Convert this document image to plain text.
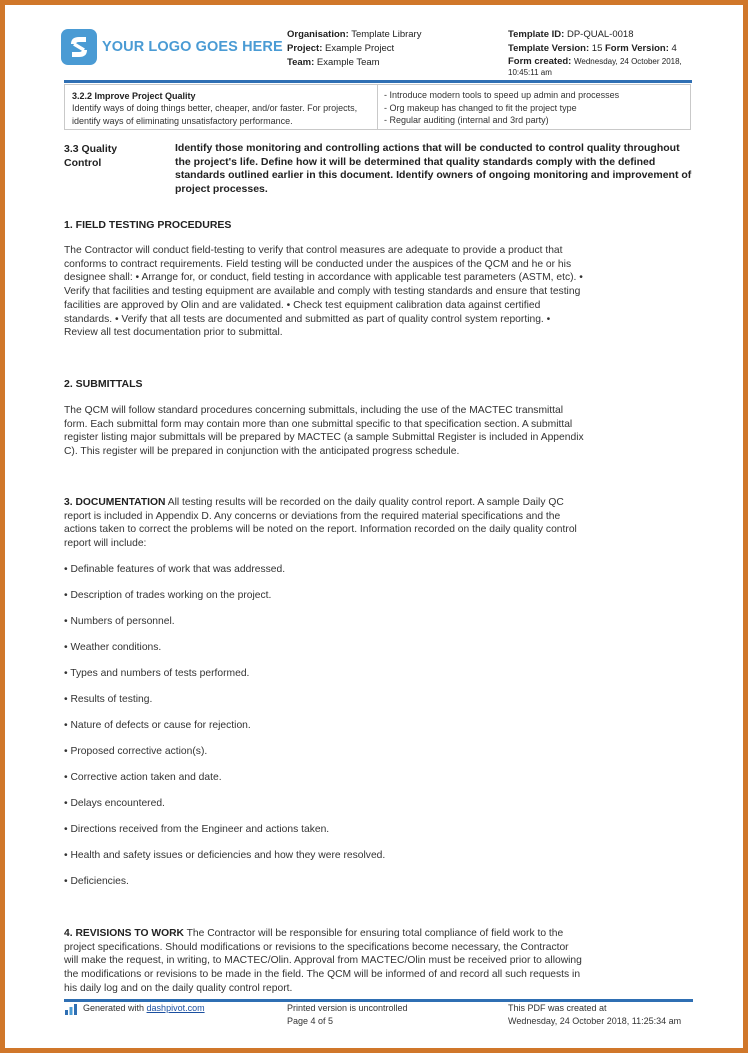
YOUR LOGO GOES HERE
Organisation: Template Library
Project: Example Project
Team: Example Team
Template ID: DP-QUAL-0018
Template Version: 15 Form Version: 4
Form created: Wednesday, 24 October 2018, 10:45:11 am
3.2.2 Improve Project Quality
Identify ways of doing things better, cheaper, and/or faster. For projects, identify ways of eliminating unsatisfactory performance.
- Introduce modern tools to speed up admin and processes
- Org makeup has changed to fit the project type
- Regular auditing (internal and 3rd party)
3.3 Quality
Control
Identify those monitoring and controlling actions that will be conducted to control quality throughout the project's life. Define how it will be determined that quality standards comply with the defined standards outlined earlier in this document. Identify owners of ongoing monitoring and improvement of project processes.
1. FIELD TESTING PROCEDURES
The Contractor will conduct field-testing to verify that control measures are adequate to provide a product that conforms to contract requirements. Field testing will be conducted under the auspices of the QCM and he or his designee shall: • Arrange for, or conduct, field testing in accordance with applicable test parameters (ASTM, etc). • Verify that facilities and testing equipment are available and comply with testing standards and ensure that testing facilities are approved by Olin and are validated. • Check test equipment calibration data against certified standards. • Verify that all tests are documented and submitted as part of quality control system reporting. • Review all test documentation prior to submittal.
2. SUBMITTALS
The QCM will follow standard procedures concerning submittals, including the use of the MACTEC transmittal form. Each submittal form may contain more than one submittal specific to that specification section. A submittal register listing major submittals will be prepared by MACTEC (a sample Submittal Register is included in Appendix C). This register will be prepared in conjunction with the anticipated progress schedule.
3. DOCUMENTATION All testing results will be recorded on the daily quality control report. A sample Daily QC report is included in Appendix D. Any concerns or deviations from the required material specifications and the actions taken to correct the problems will be noted on the report. Information recorded on the daily quality control report will include:
• Definable features of work that was addressed.
• Description of trades working on the project.
• Numbers of personnel.
• Weather conditions.
• Types and numbers of tests performed.
• Results of testing.
• Nature of defects or cause for rejection.
• Proposed corrective action(s).
• Corrective action taken and date.
• Delays encountered.
• Directions received from the Engineer and actions taken.
• Health and safety issues or deficiencies and how they were resolved.
• Deficiencies.
4. REVISIONS TO WORK The Contractor will be responsible for ensuring total compliance of field work to the project specifications. Should modifications or revisions to the specifications become necessary, the Contractor will make the request, in writing, to MACTEC/Olin. Approval from MACTEC/Olin must be received prior to allowing the modifications or revisions to be made in the field. The QCM will be informed of and record all such requests in his daily log and on the daily quality control report.
Generated with dashpivot.com	Printed version is uncontrolled
Page 4 of 5
This PDF was created at
Wednesday, 24 October 2018, 11:25:34 am
